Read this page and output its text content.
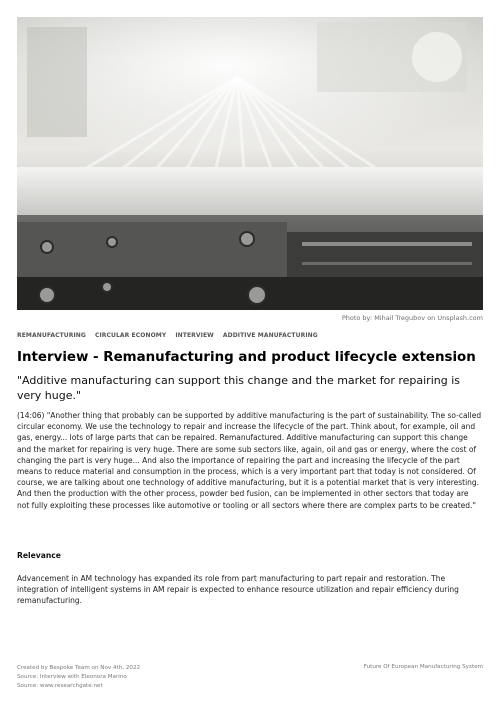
Photo by: Mihail Tregubov on Unsplash.com
REMANUFACTURING CIRCULAR ECONOMY INTERVIEW ADDITIVE MANUFACTURING
Interview - Remanufacturing and product lifecycle extension

"Additive manufacturing can support this change and the market for repairing is very huge."

(14:06) "Another thing that probably can be supported by additive manufacturing is the part of sustainability. The so-called circular economy. We use the technology to repair and increase the lifecycle of the part. Think about, for example, oil and gas, energy... lots of large parts that can be repaired. Remanufactured. Additive manufacturing can support this change and the market for repairing is very huge. There are some sub sectors like, again, oil and gas or energy, where the cost of changing the part is very huge... And also the importance of repairing the part and increasing the lifecycle of the part means to reduce material and consumption in the process, which is a very important part that today is not considered. Of course, we are talking about one technology of additive manufacturing, but it is a potential market that is very interesting. And then the production with the other process, powder bed fusion, can be implemented in other sectors that today are not fully exploiting these processes like automotive or tooling or all sectors where there are complex parts to be created."

Relevance

Advancement in AM technology has expanded its role from part manufacturing to part repair and restoration. The integration of intelligent systems in AM repair is expected to enhance resource utilization and repair efficiency during remanufacturing.

Created by Bespoke Team on Nov 4th, 2022
Source: Interview with Eleonora Marino
Source: www.researchgate.net
Future Of European Manufacturing System
